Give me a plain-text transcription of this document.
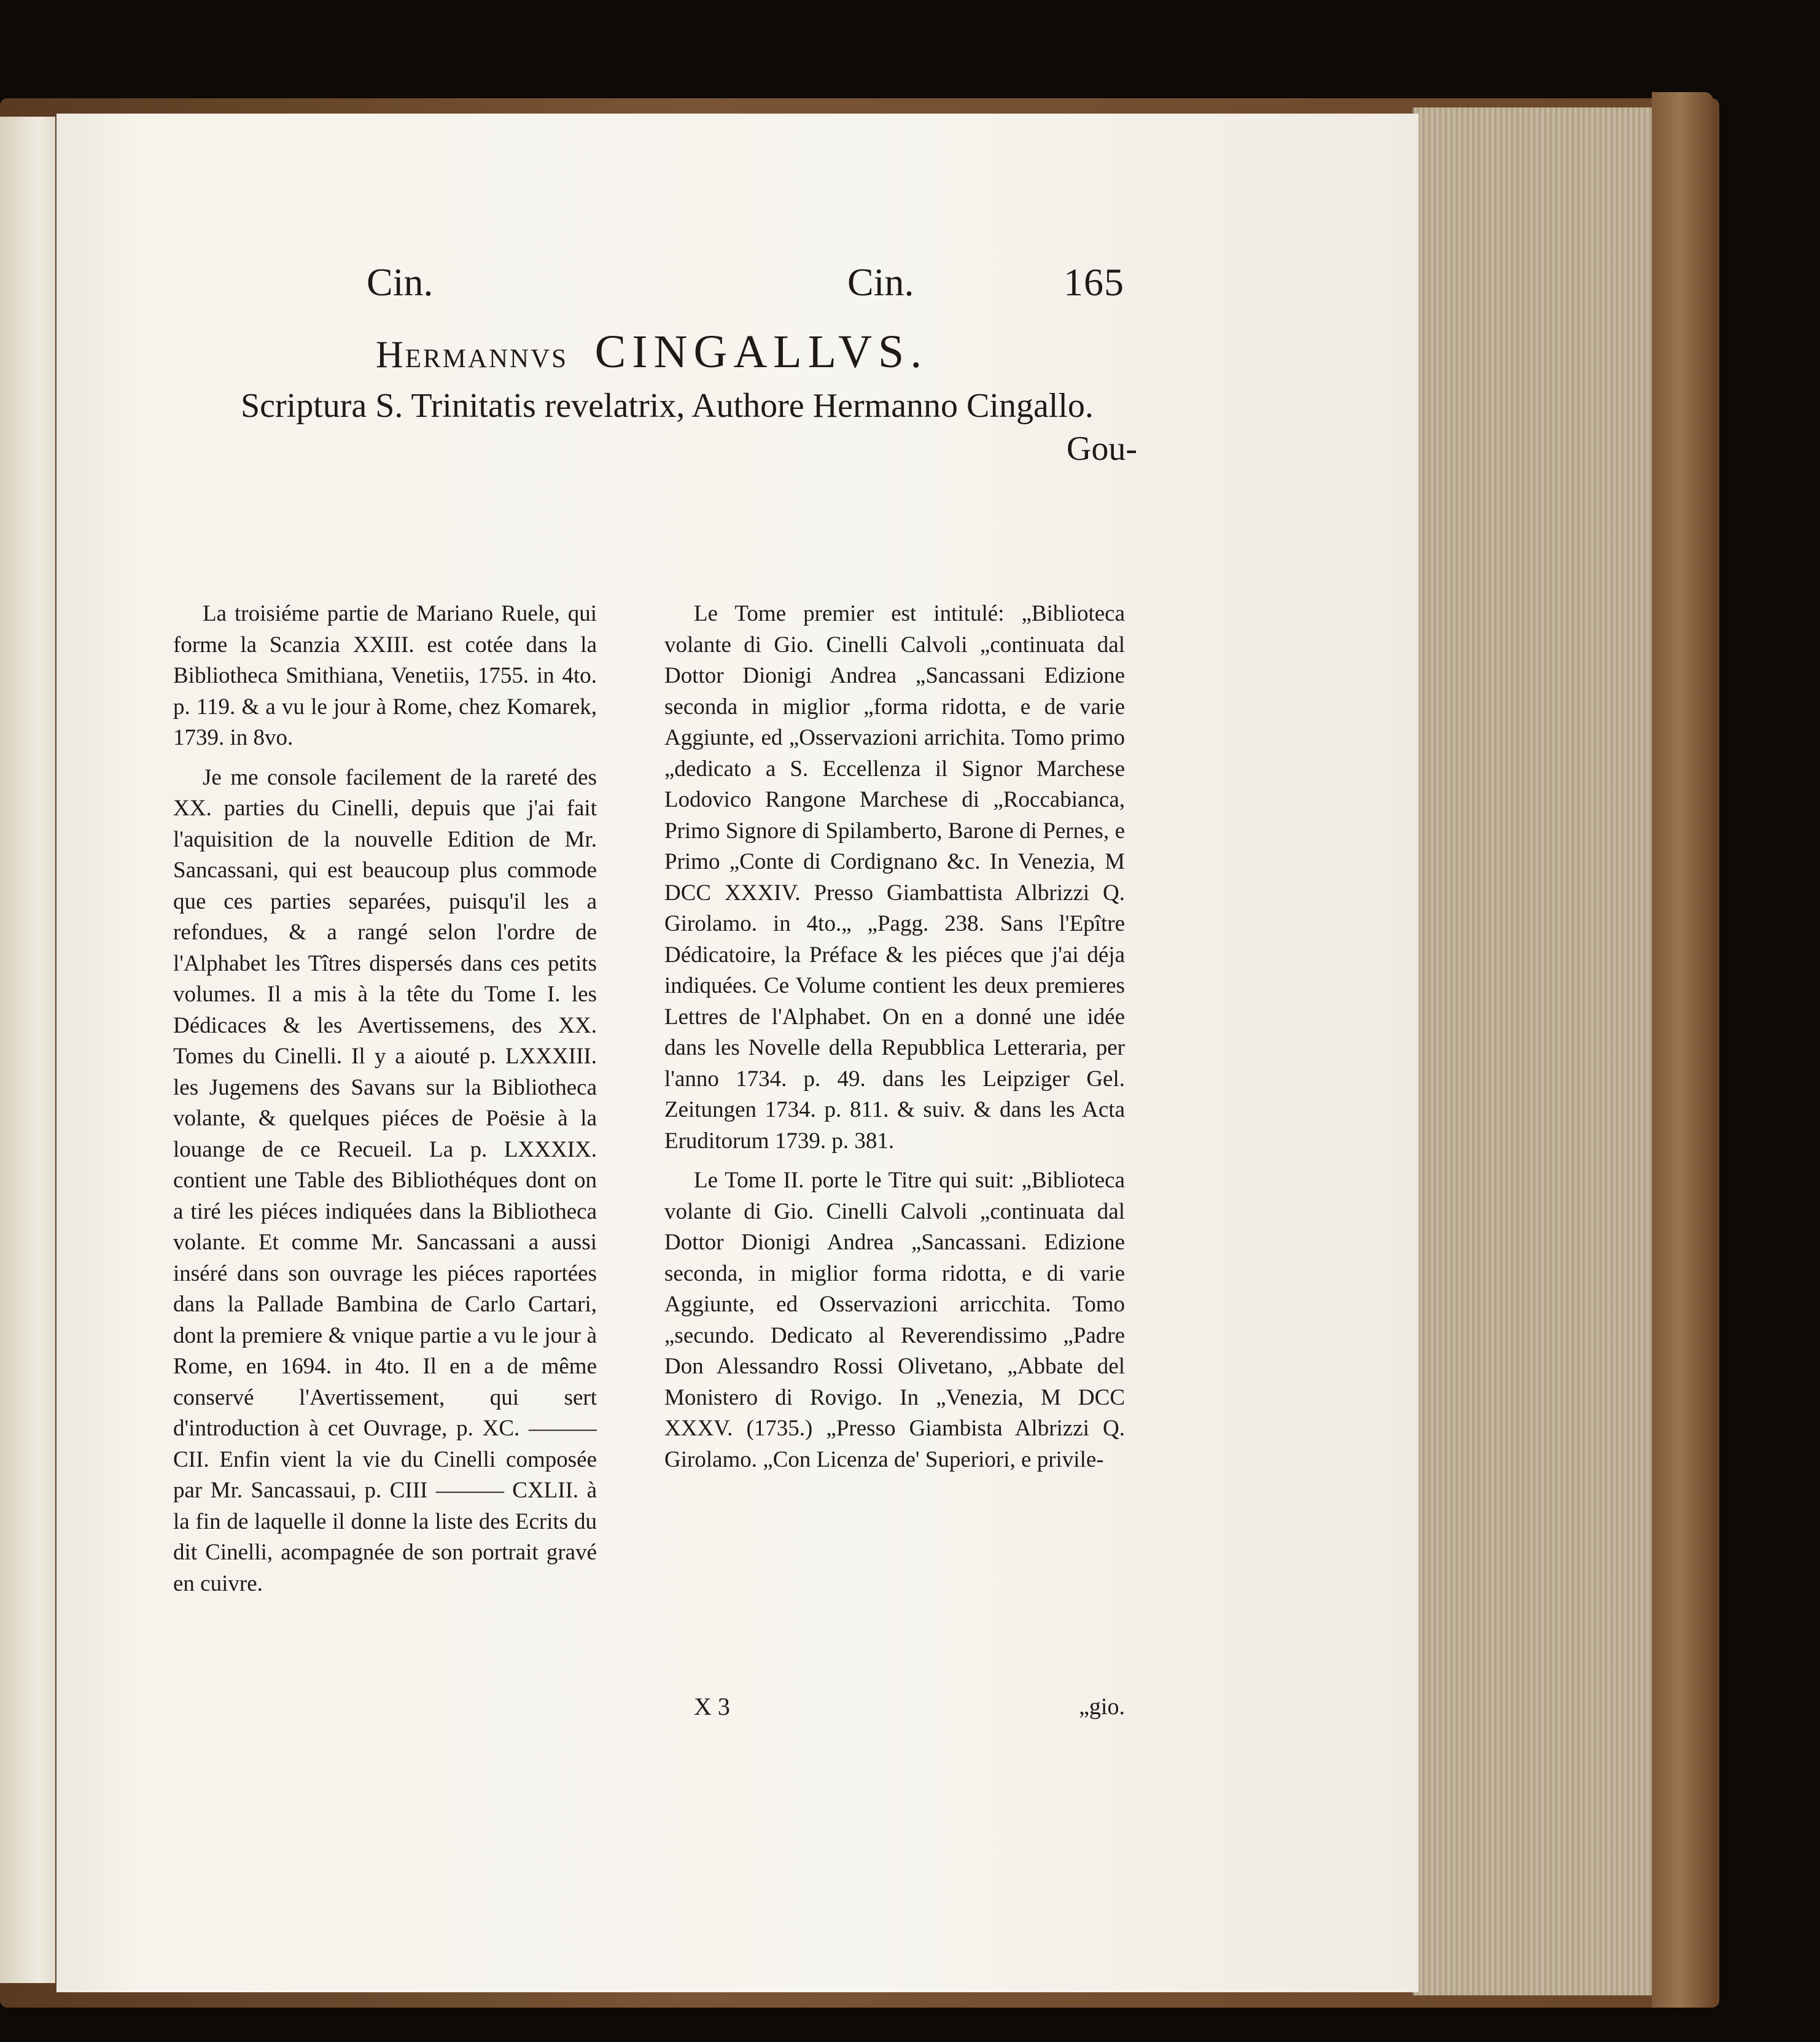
Cin.	Cin.	165
Hermannvs CINGALLVS.
Scriptura S. Trinitatis revelatrix, Authore Hermanno Cingallo.
Gou-

La troisiéme partie de Mariano Ruele, qui forme la Scanzia XXIII. est cotée dans la Bibliotheca Smithiana, Venetiis, 1755. in 4to. p. 119. & a vu le jour à Rome, chez Komarek, 1739. in 8vo.

Je me console facilement de la rareté des XX. parties du Cinelli, depuis que j'ai fait l'aquisition de la nouvelle Edition de Mr. Sancassani, qui est beaucoup plus commode que ces parties separées, puisqu'il les a refondues, & a rangé selon l'ordre de l'Alphabet les Tîtres dispersés dans ces petits volumes. Il a mis à la tête du Tome I. les Dédicaces & les Avertissemens, des XX. Tomes du Cinelli. Il y a aiouté p. LXXXIII. les Jugemens des Savans sur la Bibliotheca volante, & quelques piéces de Poësie à la louange de ce Recueil. La p. LXXXIX. contient une Table des Bibliothéques dont on a tiré les piéces indiquées dans la Bibliotheca volante. Et comme Mr. Sancassani a aussi inséré dans son ouvrage les piéces raportées dans la Pallade Bambina de Carlo Cartari, dont la premiere & vnique partie a vu le jour à Rome, en 1694. in 4to. Il en a de même conservé l'Avertissement, qui sert d'introduction à cet Ouvrage, p. XC. ——— CII. Enfin vient la vie du Cinelli composée par Mr. Sancassaui, p. CIII ——— CXLII. à la fin de laquelle il donne la liste des Ecrits du dit Cinelli, acompagnée de son portrait gravé en cuivre.

Le Tome premier est intitulé: „Biblioteca volante di Gio. Cinelli Calvoli „continuata dal Dottor Dionigi Andrea „Sancassani Edizione seconda in miglior „forma ridotta, e de varie Aggiunte, ed „Osservazioni arrichita. Tomo primo „dedicato a S. Eccellenza il Signor Marchese Lodovico Rangone Marchese di „Roccabianca, Primo Signore di Spilamberto, Barone di Pernes, e Primo „Conte di Cordignano &c. In Venezia, M DCC XXXIV. Presso Giambattista Albrizzi Q. Girolamo. in 4to.„ „Pagg. 238. Sans l'Epître Dédicatoire, la Préface & les piéces que j'ai déja indiquées. Ce Volume contient les deux premieres Lettres de l'Alphabet. On en a donné une idée dans les Novelle della Repubblica Letteraria, per l'anno 1734. p. 49. dans les Leipziger Gel. Zeitungen 1734. p. 811. & suiv. & dans les Acta Eruditorum 1739. p. 381.

Le Tome II. porte le Titre qui suit: „Biblioteca volante di Gio. Cinelli Calvoli „continuata dal Dottor Dionigi Andrea „Sancassani. Edizione seconda, in miglior forma ridotta, e di varie Aggiunte, ed Osservazioni arricchita. Tomo „secundo. Dedicato al Reverendissimo „Padre Don Alessandro Rossi Olivetano, „Abbate del Monistero di Rovigo. In „Venezia, M DCC XXXV. (1735.) „Presso Giambista Albrizzi Q. Girolamo. „Con Licenza de' Superiori, e privile-

X 3	„gio.
